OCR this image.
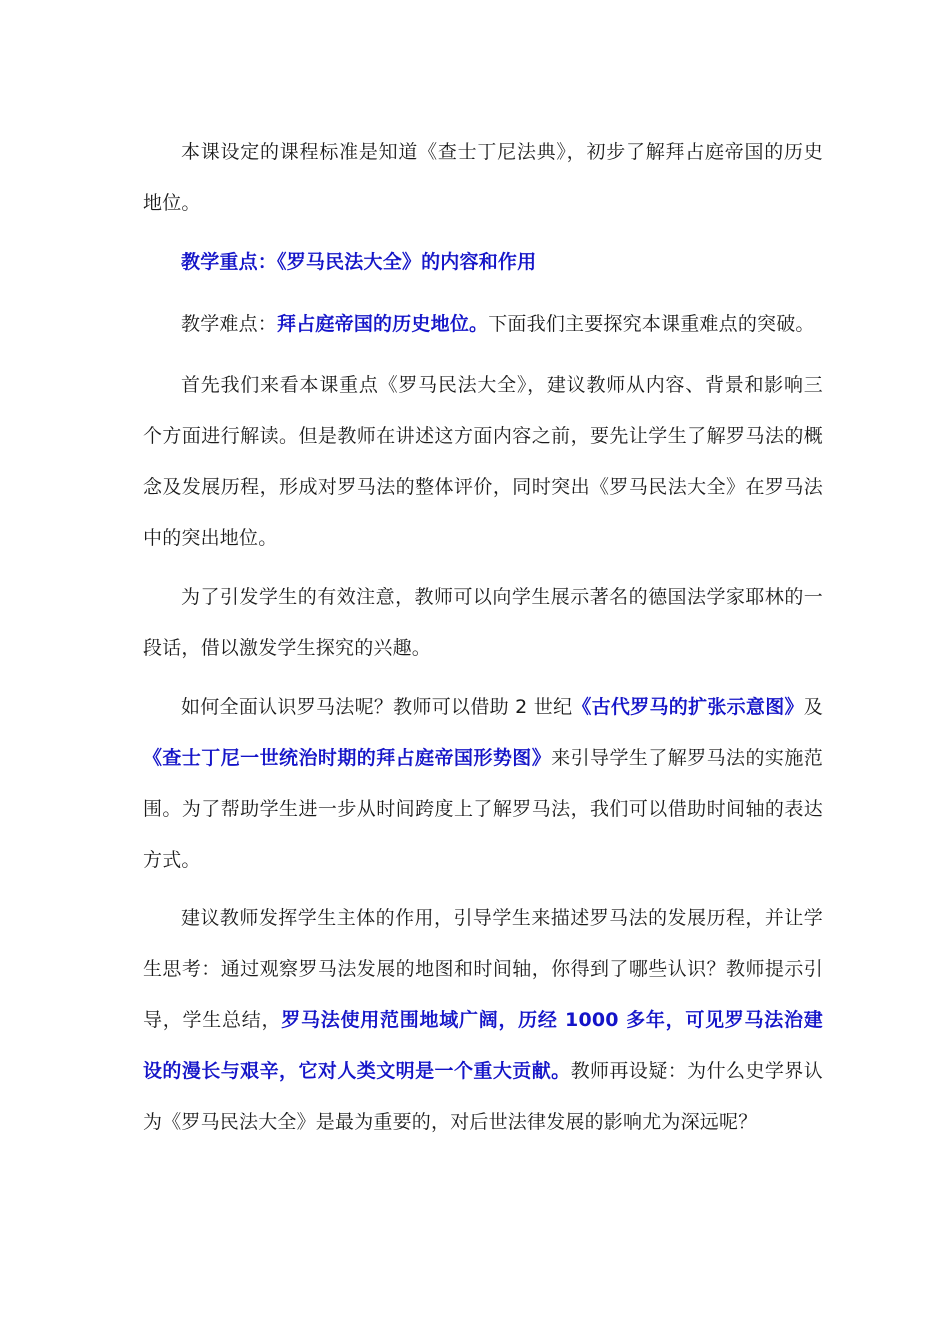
本课设定的课程标准是知道《查士丁尼法典》，初步了解拜占庭帝国的历史地位。

教学重点：《罗马民法大全》的内容和作用

教学难点：拜占庭帝国的历史地位。下面我们主要探究本课重难点的突破。

首先我们来看本课重点《罗马民法大全》，建议教师从内容、背景和影响三个方面进行解读。但是教师在讲述这方面内容之前，要先让学生了解罗马法的概念及发展历程，形成对罗马法的整体评价，同时突出《罗马民法大全》在罗马法中的突出地位。

为了引发学生的有效注意，教师可以向学生展示著名的德国法学家耶林的一段话，借以激发学生探究的兴趣。

如何全面认识罗马法呢？教师可以借助 2 世纪《古代罗马的扩张示意图》及《查士丁尼一世统治时期的拜占庭帝国形势图》来引导学生了解罗马法的实施范围。为了帮助学生进一步从时间跨度上了解罗马法，我们可以借助时间轴的表达方式。

建议教师发挥学生主体的作用，引导学生来描述罗马法的发展历程，并让学生思考：通过观察罗马法发展的地图和时间轴，你得到了哪些认识？教师提示引导，学生总结，罗马法使用范围地域广阔，历经 1000 多年，可见罗马法治建设的漫长与艰辛，它对人类文明是一个重大贡献。教师再设疑：为什么史学界认为《罗马民法大全》是最为重要的，对后世法律发展的影响尤为深远呢？
